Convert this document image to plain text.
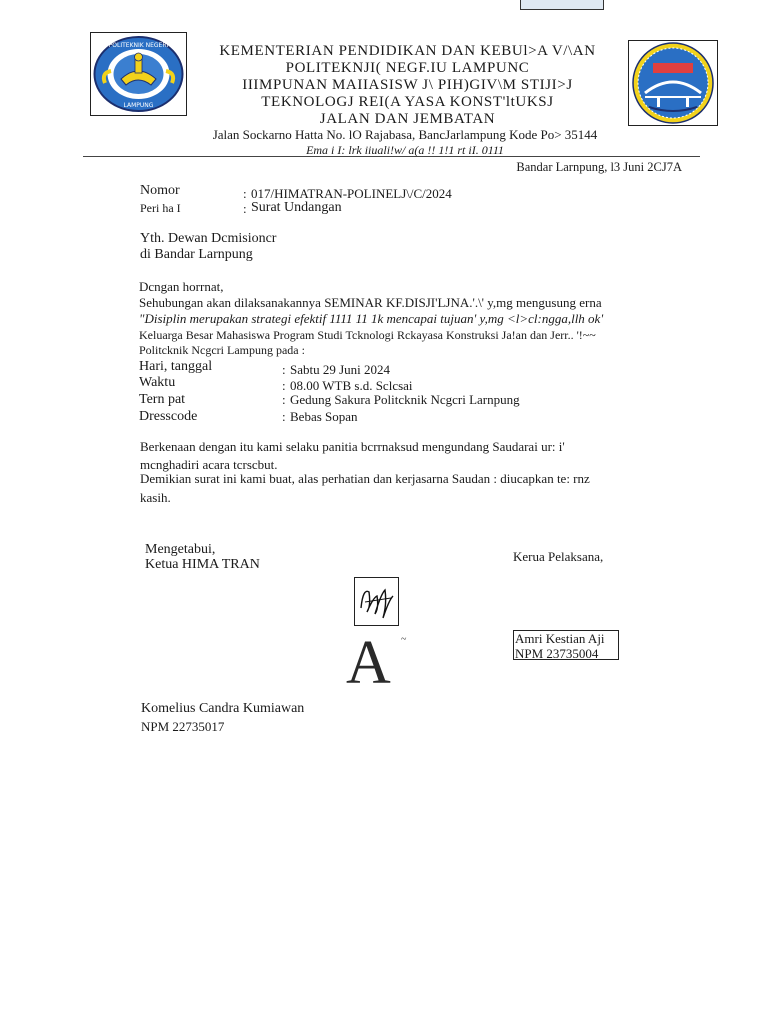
POLITEKNIK NEGERI
LAMPUNG
KEMENTERIAN PENDIDIKAN DAN KEBUl>A V/\AN
POLITEKNJI( NEGF.IU LAMPUNC
IIIMPUNAN MAIIASISW J\ PIH)GIV\M STIJI>J
TEKNOLOGJ REI(A YASA KONST'ltUKSJ
JALAN DAN JEMBATAN
Jalan Sockarno Hatta No. lO Rajabasa, BancJarlampung Kode Po> 35144
Ema i I: lrk iiuali!w/ a(a !! 1!1 rt iI. 0111
Bandar Larnpung, l3 Juni 2CJ7A
Nomor	: 017/HIMATRAN-POLINELJ\/C/2024
Peri ha I	: Surat Undangan
Yth. Dewan Dcmisioncr
di Bandar Larnpung
Dcngan horrnat,
Sehubungan akan dilaksanakannya SEMINAR KF.DISJI'LJNA.'.\' y,mg mengusung erna
"Disiplin merupakan strategi efektif 1111 11 1k mencapai tujuan' y,mg <l>cl:ngga,llh ok'
Keluarga Besar Mahasiswa Program Studi Tcknologi Rckayasa Konstruksi Ja!an dan Jerr.. '!~~
Politcknik Ncgcri Lampung pada :
Hari, tanggal	: Sabtu 29 Juni 2024
Waktu	: 08.00 WTB s.d. Sclcsai
Tern pat	: Gedung Sakura Politcknik Ncgcri Larnpung
Dresscode	: Bebas Sopan
Berkenaan dengan itu kami selaku panitia bcrrnaksud mengundang Saudarai ur: i'
mcnghadiri acara tcrscbut.
Demikian surat ini kami buat, alas perhatian dan kerjasarna Saudan : diucapkan te: rnz
kasih.
Mengetabui,
Ketua HIMA TRAN
A ~
Komelius Candra Kumiawan
NPM 22735017
Kerua Pelaksana,
Amri Kestian Aji
NPM 23735004
